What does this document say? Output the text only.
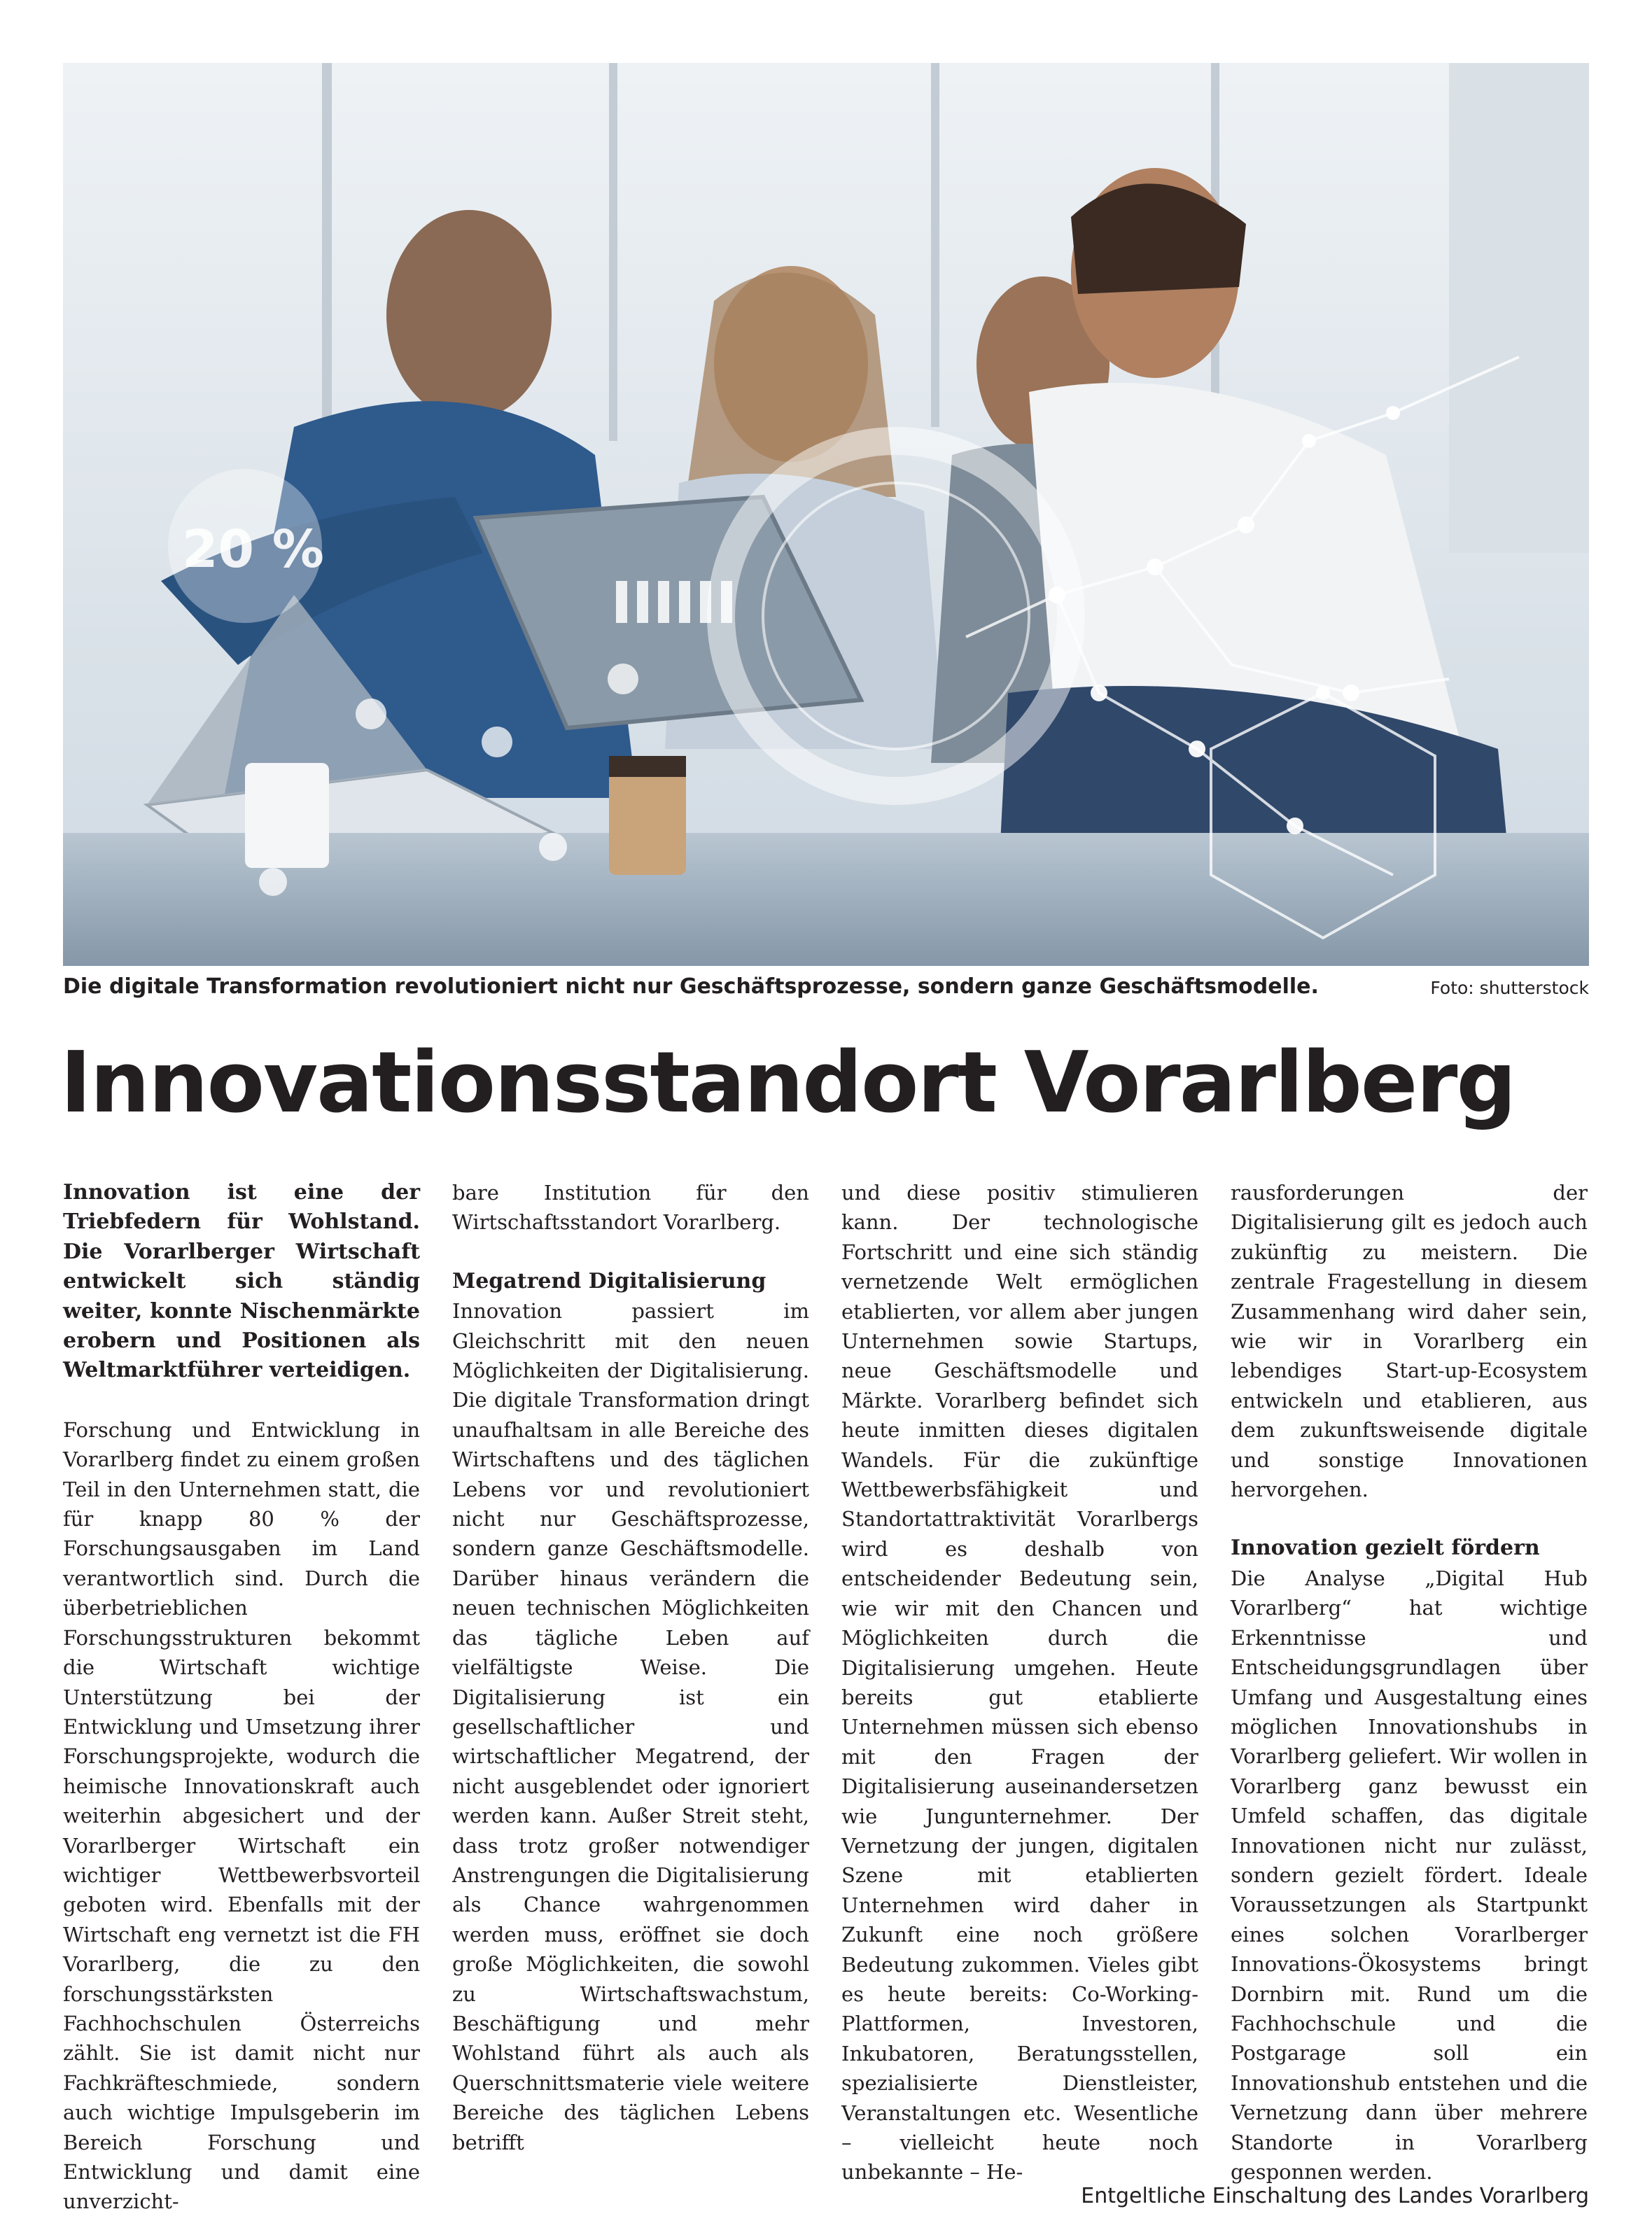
20 %
Die digitale Transformation revolutioniert nicht nur Geschäftsprozesse, sondern ganze Geschäftsmodelle.	Foto: shutterstock
Innovationsstandort Vorarlberg

Innovation ist eine der Triebfedern für Wohlstand. Die Vorarlberger Wirtschaft entwickelt sich ständig weiter, konnte Nischenmärkte erobern und Positionen als Weltmarktführer verteidigen.

Forschung und Entwicklung in Vorarlberg findet zu einem großen Teil in den Unternehmen statt, die für knapp 80 % der Forschungsausgaben im Land verantwortlich sind. Durch die überbetrieblichen Forschungsstrukturen bekommt die Wirtschaft wichtige Unterstützung bei der Entwicklung und Umsetzung ihrer Forschungsprojekte, wodurch die heimische Innovationskraft auch weiterhin abgesichert und der Vorarlberger Wirtschaft ein wichtiger Wettbewerbsvorteil geboten wird. Ebenfalls mit der Wirtschaft eng vernetzt ist die FH Vorarlberg, die zu den forschungsstärksten Fachhochschulen Österreichs zählt. Sie ist damit nicht nur Fachkräfteschmiede, sondern auch wichtige Impulsgeberin im Bereich Forschung und Entwicklung und damit eine unverzicht-

bare Institution für den Wirtschaftsstandort Vorarlberg.

Megatrend Digitalisierung

Innovation passiert im Gleichschritt mit den neuen Möglichkeiten der Digitalisierung. Die digitale Transformation dringt unaufhaltsam in alle Bereiche des Wirtschaftens und des täglichen Lebens vor und revolutioniert nicht nur Geschäftsprozesse, sondern ganze Geschäftsmodelle. Darüber hinaus verändern die neuen technischen Möglichkeiten das tägliche Leben auf vielfältigste Weise. Die Digitalisierung ist ein gesellschaftlicher und wirtschaftlicher Megatrend, der nicht ausgeblendet oder ignoriert werden kann. Außer Streit steht, dass trotz großer notwendiger Anstrengungen die Digitalisierung als Chance wahrgenommen werden muss, eröffnet sie doch große Möglichkeiten, die sowohl zu Wirtschaftswachstum, Beschäftigung und mehr Wohlstand führt als auch als Querschnittsmaterie viele weitere Bereiche des täglichen Lebens betrifft

und diese positiv stimulieren kann. Der technologische Fortschritt und eine sich ständig vernetzende Welt ermöglichen etablierten, vor allem aber jungen Unternehmen sowie Startups, neue Geschäftsmodelle und Märkte. Vorarlberg befindet sich heute inmitten dieses digitalen Wandels. Für die zukünftige Wettbewerbsfähigkeit und Standortattraktivität Vorarlbergs wird es deshalb von entscheidender Bedeutung sein, wie wir mit den Chancen und Möglichkeiten durch die Digitalisierung umgehen. Heute bereits gut etablierte Unternehmen müssen sich ebenso mit den Fragen der Digitalisierung auseinandersetzen wie Jungunternehmer. Der Vernetzung der jungen, digitalen Szene mit etablierten Unternehmen wird daher in Zukunft eine noch größere Bedeutung zukommen. Vieles gibt es heute bereits: Co-Working-Plattformen, Investoren, Inkubatoren, Beratungsstellen, spezialisierte Dienstleister, Veranstaltungen etc. Wesentliche – vielleicht heute noch unbekannte – He-

rausforderungen der Digitalisierung gilt es jedoch auch zukünftig zu meistern. Die zentrale Fragestellung in diesem Zusammenhang wird daher sein, wie wir in Vorarlberg ein lebendiges Start-up-Ecosystem entwickeln und etablieren, aus dem zukunftsweisende digitale und sonstige Innovationen hervorgehen.

Innovation gezielt fördern

Die Analyse „Digital Hub Vorarlberg“ hat wichtige Erkenntnisse und Entscheidungsgrundlagen über Umfang und Ausgestaltung eines möglichen Innovationshubs in Vorarlberg geliefert. Wir wollen in Vorarlberg ganz bewusst ein Umfeld schaffen, das digitale Innovationen nicht nur zulässt, sondern gezielt fördert. Ideale Voraussetzungen als Startpunkt eines solchen Vorarlberger Innovations-Ökosystems bringt Dornbirn mit. Rund um die Fachhochschule und die Postgarage soll ein Innovationshub entstehen und die Vernetzung dann über mehrere Standorte in Vorarlberg gesponnen werden.

Entgeltliche Einschaltung des Landes Vorarlberg
